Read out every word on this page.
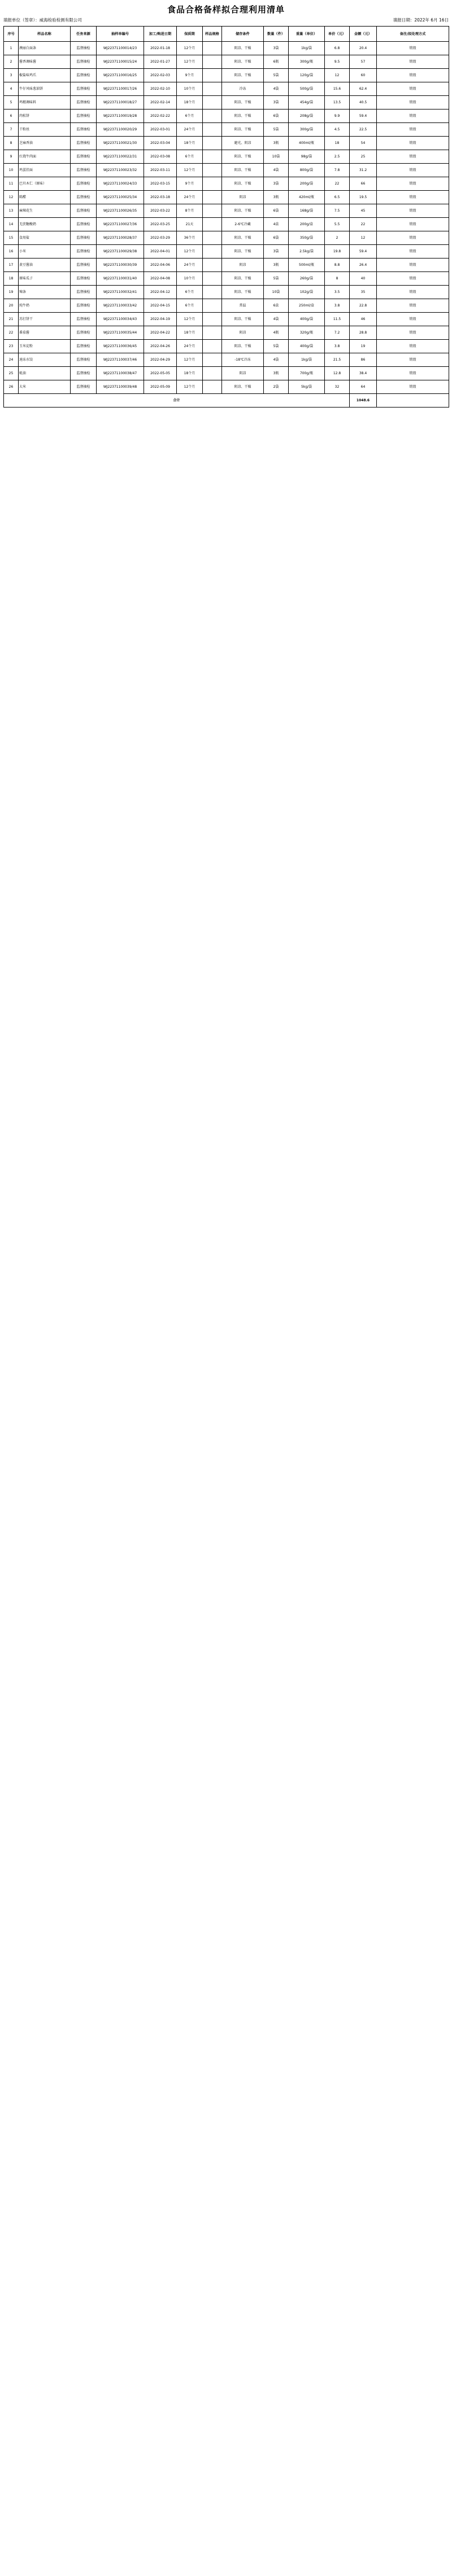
食品合格备样拟合理利用清单
填报单位（签章）：威海检验检测有限公司	填报日期：2022年 6月 16日
序号	样品名称	任务来源	抽样单编号	加工/购进日期	保质期	样品规格	储存条件	数量（件）	重量（单位）	单价（元）	金额（元）	备注/拟处理方式
1	澳丽白面条	监督抽检	WJ22371100014/23	2022-01-18	12个月		阴凉、干燥	3袋	1kg/袋	6.8	20.4	销毁
2	酱香调味酱	监督抽检	WJ22371100015/24	2022-01-27	12个月		阴凉、干燥	6瓶	300g/瓶	9.5	57	销毁
3	椒盐味鸡爪	监督抽检	WJ22371100016/25	2022-02-03	9个月		阴凉、干燥	5袋	120g/袋	12	60	销毁
4	牛仔风味葱油饼	监督抽检	WJ22371100017/26	2022-02-10	10个月		冷冻	4袋	500g/袋	15.6	62.4	销毁
5	鸡精调味料	监督抽检	WJ22371100018/27	2022-02-14	18个月		阴凉、干燥	3袋	454g/袋	13.5	40.5	销毁
6	肉松饼	监督抽检	WJ22371100019/28	2022-02-22	6个月		阴凉、干燥	6袋	208g/袋	9.9	59.4	销毁
7	干粉丝	监督抽检	WJ22371100020/29	2022-03-01	24个月		阴凉、干燥	5袋	300g/袋	4.5	22.5	销毁
8	芝麻香油	监督抽检	WJ22371100021/30	2022-03-04	18个月		避光、阴凉	3瓶	400ml/瓶	18	54	销毁
9	红烧牛肉面	监督抽检	WJ22371100022/31	2022-03-08	6个月		阴凉、干燥	10袋	98g/袋	2.5	25	销毁
10	鸡蛋挂面	监督抽检	WJ22371100023/32	2022-03-11	12个月		阴凉、干燥	4袋	800g/袋	7.8	31.2	销毁
11	巴旦木仁（原味）	监督抽检	WJ22371100024/33	2022-03-15	9个月		阴凉、干燥	3袋	200g/袋	22	66	销毁
12	陈醋	监督抽检	WJ22371100025/34	2022-03-18	24个月		阴凉	3瓶	420ml/瓶	6.5	19.5	销毁
13	麻辣花生	监督抽检	WJ22371100026/35	2022-03-22	8个月		阴凉、干燥	6袋	168g/袋	7.5	45	销毁
14	无蔗糖酸奶	监督抽检	WJ22371100027/36	2022-03-25	21天		2-6℃冷藏	4盒	200g/盒	5.5	22	销毁
15	食用盐	监督抽检	WJ22371100028/37	2022-03-29	36个月		阴凉、干燥	6袋	350g/袋	2	12	销毁
16	小米	监督抽检	WJ22371100029/38	2022-04-01	12个月		阴凉、干燥	3袋	2.5kg/袋	19.8	59.4	销毁
17	黄豆酱油	监督抽检	WJ22371100030/39	2022-04-06	24个月		阴凉	3瓶	500ml/瓶	8.8	26.4	销毁
18	原味瓜子	监督抽检	WJ22371100031/40	2022-04-08	10个月		阴凉、干燥	5袋	260g/袋	8	40	销毁
19	辣条	监督抽检	WJ22371100032/41	2022-04-12	6个月		阴凉、干燥	10袋	102g/袋	3.5	35	销毁
20	纯牛奶	监督抽检	WJ22371100033/42	2022-04-15	6个月		常温	6盒	250ml/盒	3.8	22.8	销毁
21	苏打饼干	监督抽检	WJ22371100034/43	2022-04-19	12个月		阴凉、干燥	4袋	400g/袋	11.5	46	销毁
22	番茄酱	监督抽检	WJ22371100035/44	2022-04-22	18个月		阴凉	4瓶	320g/瓶	7.2	28.8	销毁
23	玉米淀粉	监督抽检	WJ22371100036/45	2022-04-26	24个月		阴凉、干燥	5袋	400g/袋	3.8	19	销毁
24	速冻水饺	监督抽检	WJ22371100037/46	2022-04-29	12个月		-18℃冷冻	4袋	1kg/袋	21.5	86	销毁
25	蚝油	监督抽检	WJ22371100038/47	2022-05-05	18个月		阴凉	3瓶	700g/瓶	12.8	38.4	销毁
26	大米	监督抽检	WJ22371100039/48	2022-05-09	12个月		阴凉、干燥	2袋	5kg/袋	32	64	销毁
合计											1048.6	
